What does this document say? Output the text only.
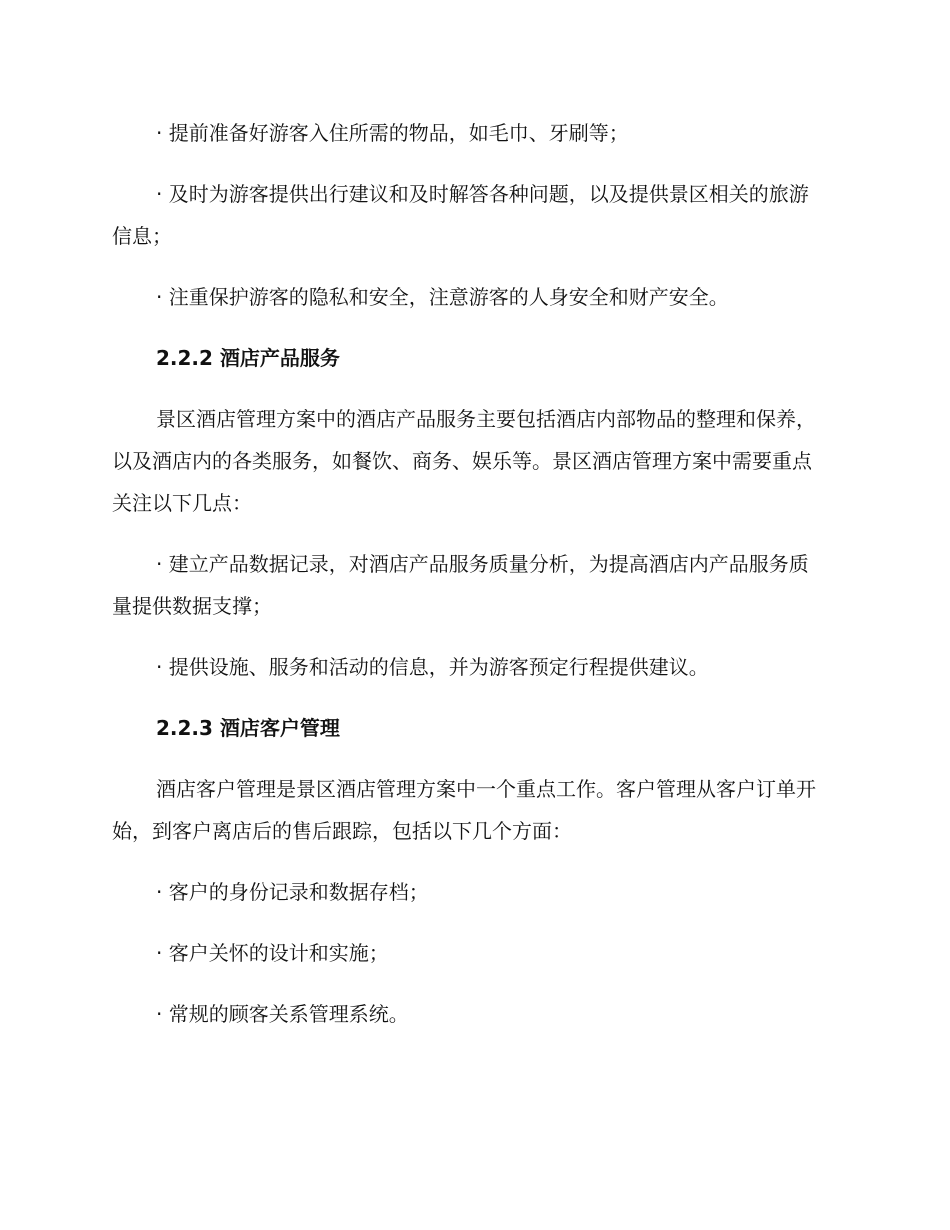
· 提前准备好游客入住所需的物品，如毛巾、牙刷等；

· 及时为游客提供出行建议和及时解答各种问题，以及提供景区相关的旅游信息；

· 注重保护游客的隐私和安全，注意游客的人身安全和财产安全。

2.2.2 酒店产品服务

景区酒店管理方案中的酒店产品服务主要包括酒店内部物品的整理和保养，以及酒店内的各类服务，如餐饮、商务、娱乐等。景区酒店管理方案中需要重点关注以下几点：

· 建立产品数据记录，对酒店产品服务质量分析，为提高酒店内产品服务质量提供数据支撑；

· 提供设施、服务和活动的信息，并为游客预定行程提供建议。

2.2.3 酒店客户管理

酒店客户管理是景区酒店管理方案中一个重点工作。客户管理从客户订单开始，到客户离店后的售后跟踪，包括以下几个方面：

· 客户的身份记录和数据存档；

· 客户关怀的设计和实施；

· 常规的顾客关系管理系统。
